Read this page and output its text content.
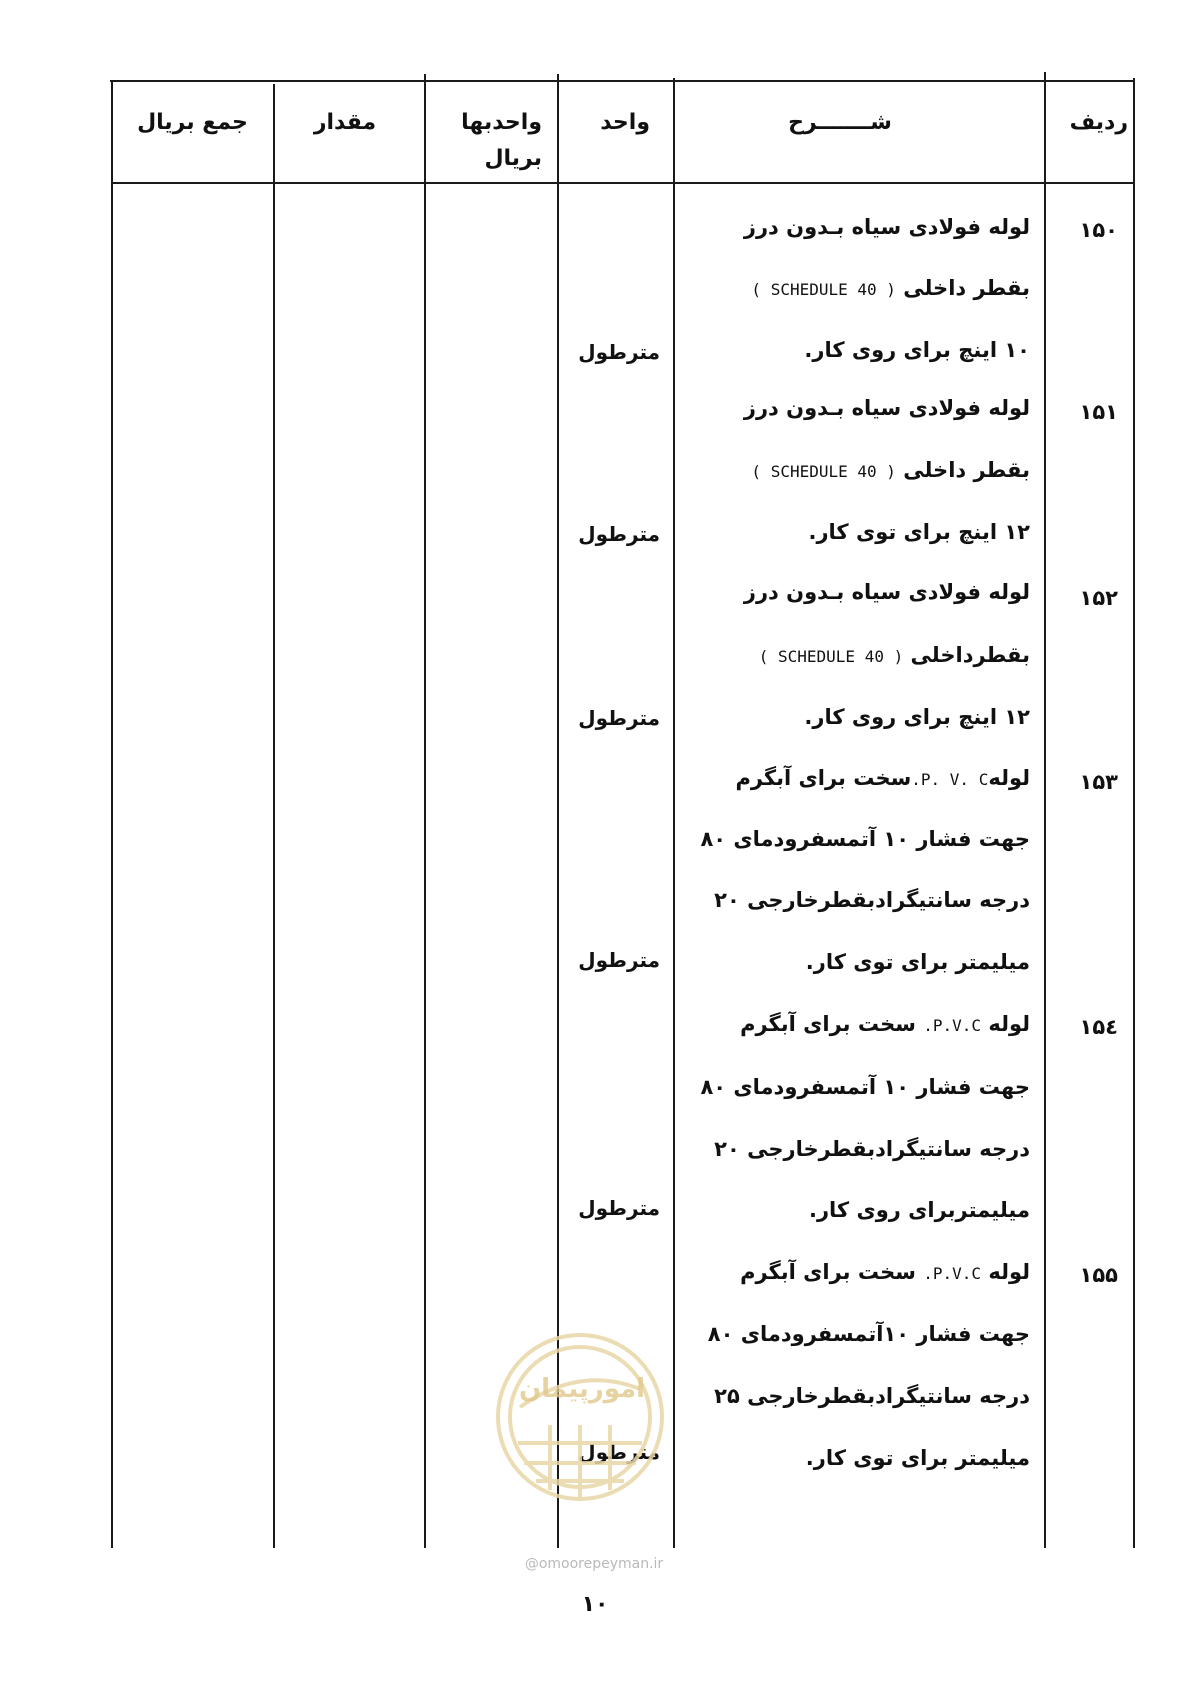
ردیف
شـــــــرح
واحد
واحدبها
بریال
مقدار
جمع بریال
۱۵۰
لوله فولادی سیاه بـدون درز
بقطر داخلی ( SCHEDULE 40 )
۱۰ اینچ برای روی کار.
مترطول
۱۵۱
لوله فولادی سیاه بـدون درز
بقطر داخلی ( SCHEDULE 40 )
۱۲ اینچ برای توی کار.
مترطول
۱۵۲
لوله فولادی سیاه بـدون درز
بقطرداخلی ( SCHEDULE 40 )
۱۲ اینچ برای روی کار.
مترطول
۱۵۳
لولهP. V. C.سخت برای آبگرم
جهت فشار ۱۰ آتمسفرودمای ۸۰
درجه سانتیگرادبقطرخارجی ۲۰
میلیمتر برای توی کار.
مترطول
۱۵٤
لوله P.V.C. سخت برای آبگرم
جهت فشار ۱۰ آتمسفرودمای ۸۰
درجه سانتیگرادبقطرخارجی ۲۰
میلیمتربرای روی کار.
مترطول
۱۵۵
لوله P.V.C. سخت برای آبگرم
جهت فشار ۱۰آتمسفرودمای ۸۰
درجه سانتیگرادبقطرخارجی ۲۵
میلیمتر برای توی کار.
مترطول
امورپیمان
@omoorepeyman.ir
۱۰
